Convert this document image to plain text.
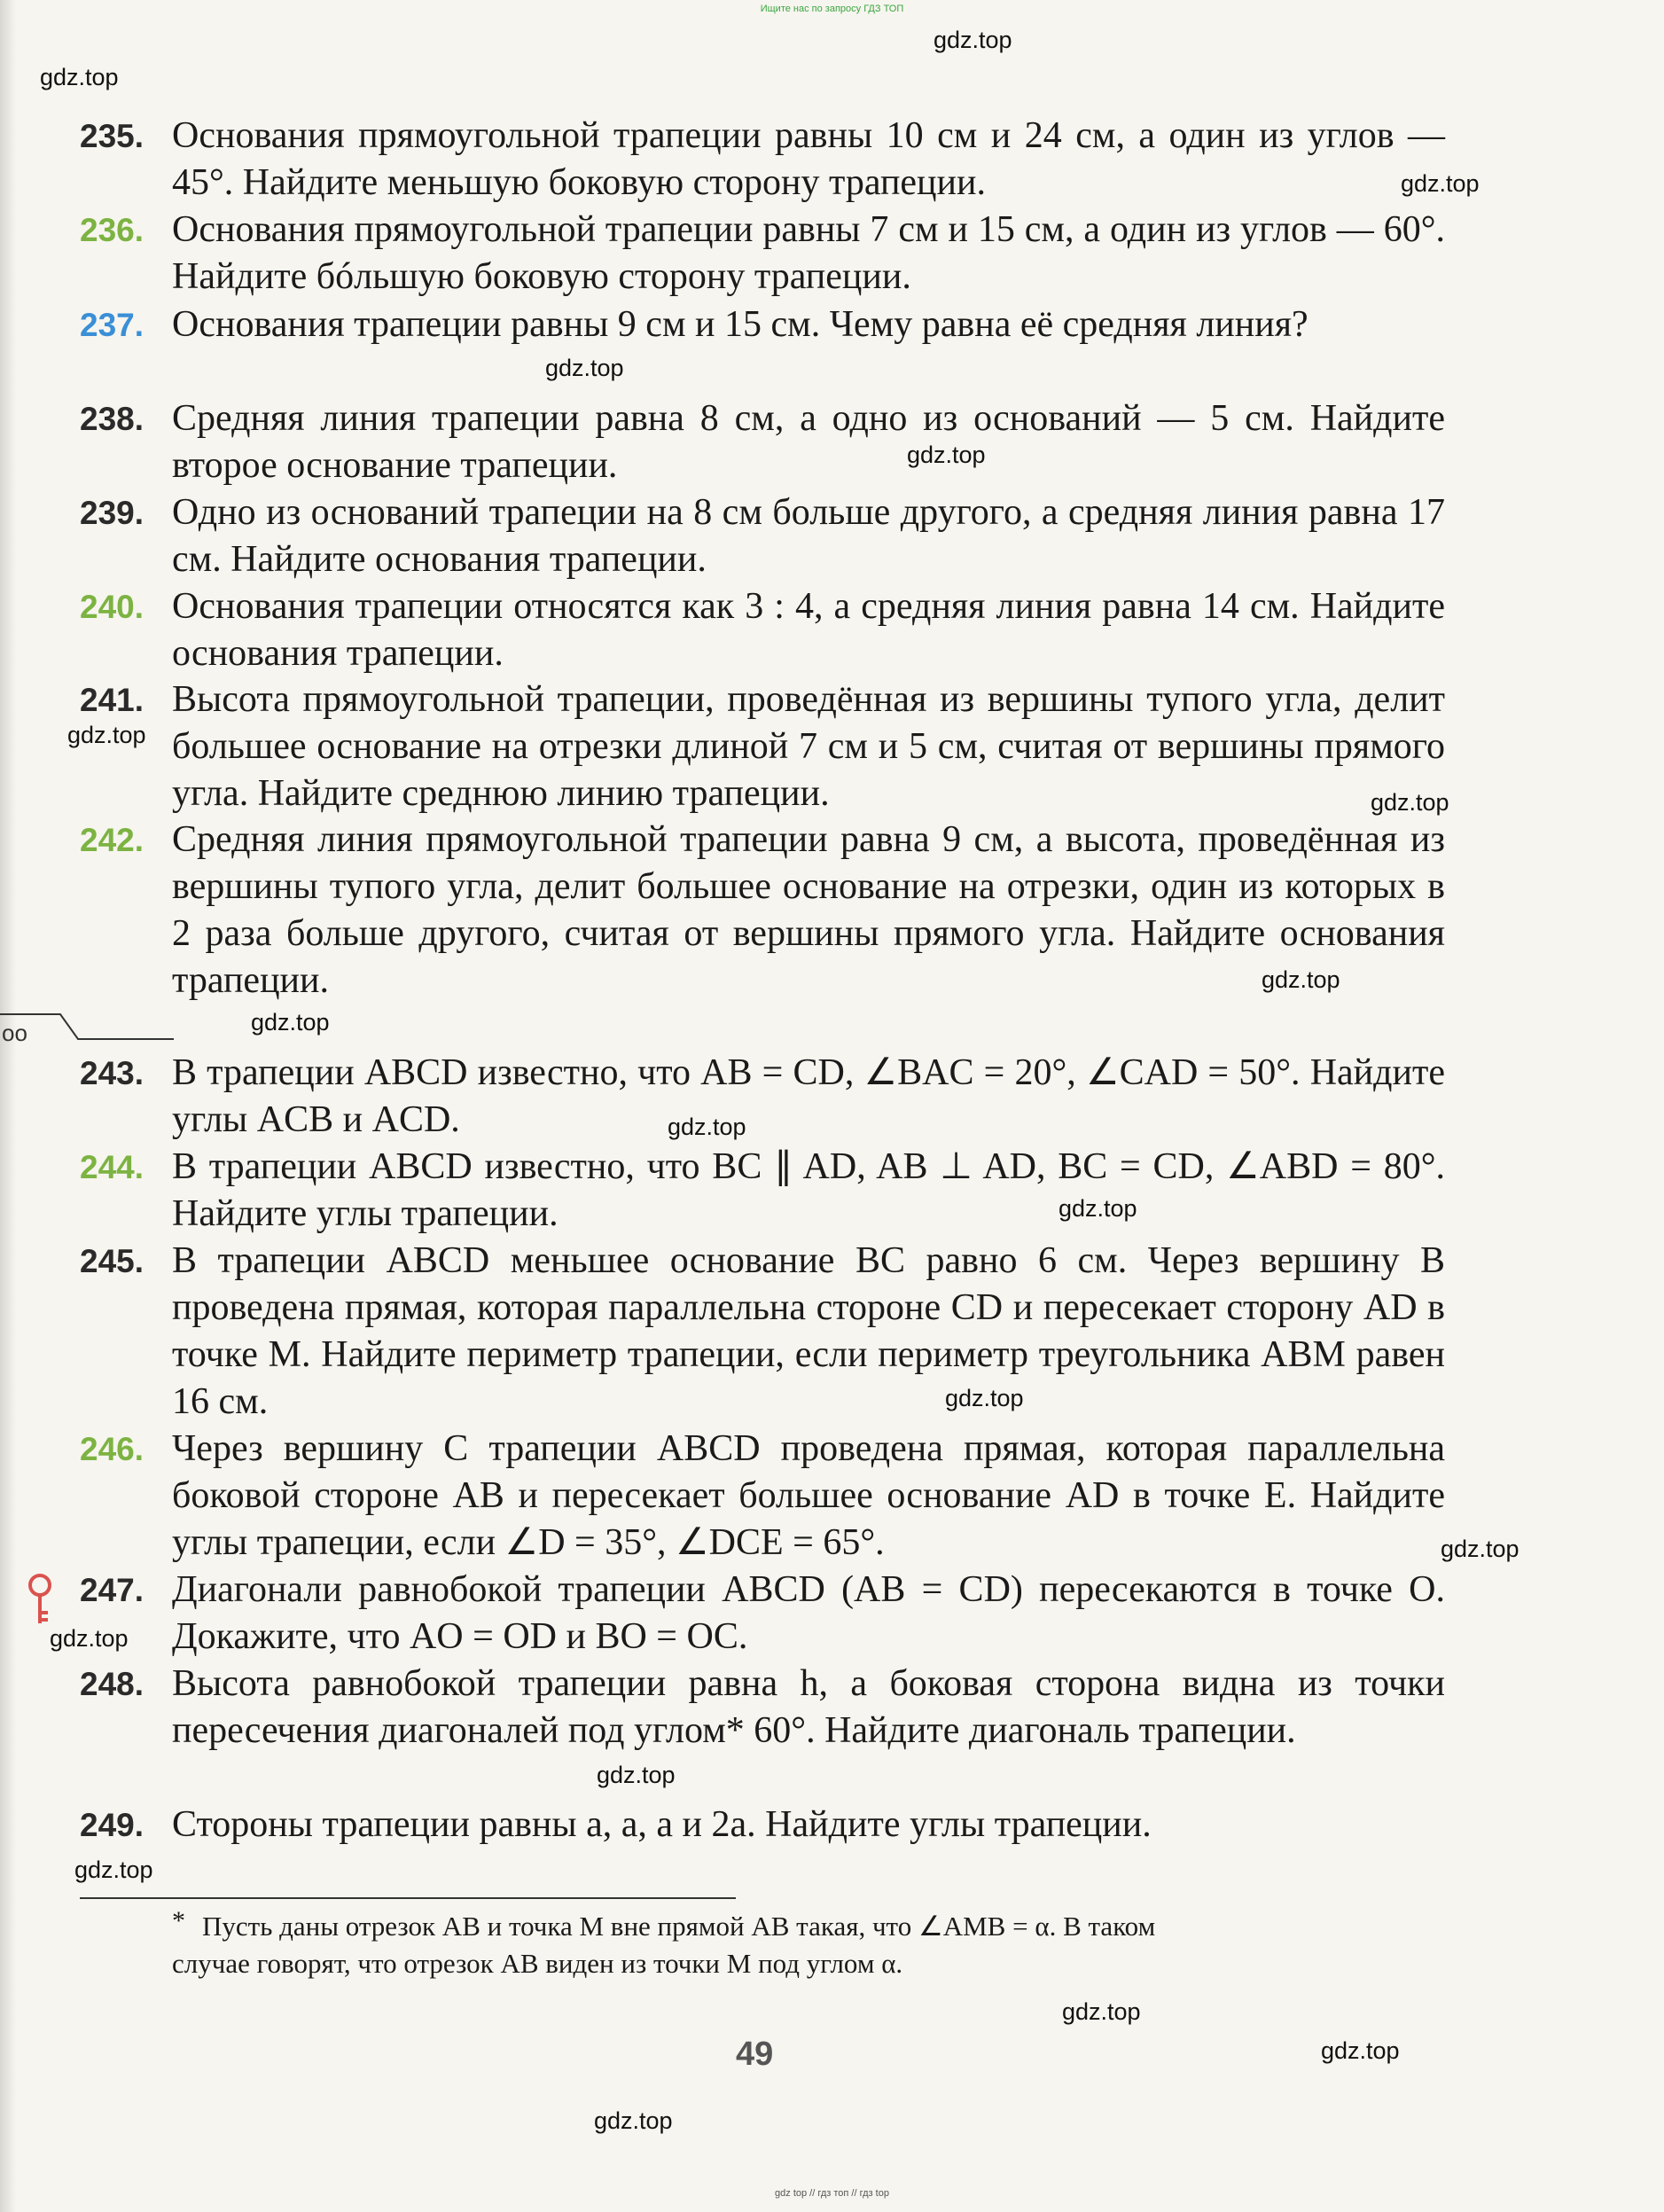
Ищите нас по запросу ГДЗ ТОП
gdz.top
gdz.top
gdz.top
gdz.top
gdz.top
gdz.top
gdz.top
gdz.top
gdz.top
gdz.top
gdz.top
gdz.top
gdz.top
gdz.top
gdz.top
gdz.top
gdz.top
gdz.top
gdz.top
oo
235. Основания прямоугольной трапеции равны 10 см и 24 см, а один из углов — 45°. Найдите меньшую боковую сторону трапеции.
236. Основания прямоугольной трапеции равны 7 см и 15 см, а один из углов — 60°. Найдите бóльшую боковую сторону трапеции.
237. Основания трапеции равны 9 см и 15 см. Чему равна её средняя линия?
238. Средняя линия трапеции равна 8 см, а одно из оснований — 5 см. Найдите второе основание трапеции.
239. Одно из оснований трапеции на 8 см больше другого, а средняя линия равна 17 см. Найдите основания трапеции.
240. Основания трапеции относятся как 3 : 4, а средняя линия равна 14 см. Найдите основания трапеции.
241. Высота прямоугольной трапеции, проведённая из вершины тупого угла, делит большее основание на отрезки длиной 7 см и 5 см, считая от вершины прямого угла. Найдите среднюю линию трапеции.
242. Средняя линия прямоугольной трапеции равна 9 см, а высота, проведённая из вершины тупого угла, делит большее основание на отрезки, один из которых в 2 раза больше другого, считая от вершины прямого угла. Найдите основания трапеции.
243. В трапеции ABCD известно, что AB = CD, ∠BAC = 20°, ∠CAD = 50°. Найдите углы ACB и ACD.
244. В трапеции ABCD известно, что BC ∥ AD, AB ⊥ AD, BC = CD, ∠ABD = 80°. Найдите углы трапеции.
245. В трапеции ABCD меньшее основание BC равно 6 см. Через вершину B проведена прямая, которая параллельна стороне CD и пересекает сторону AD в точке M. Найдите периметр трапеции, если периметр треугольника ABM равен 16 см.
246. Через вершину C трапеции ABCD проведена прямая, которая параллельна боковой стороне AB и пересекает большее основание AD в точке E. Найдите углы трапеции, если ∠D = 35°, ∠DCE = 65°.
247. Диагонали равнобокой трапеции ABCD (AB = CD) пересекаются в точке O. Докажите, что AO = OD и BO = OC.
248. Высота равнобокой трапеции равна h, а боковая сторона видна из точки пересечения диагоналей под углом* 60°. Найдите диагональ трапеции.
249. Стороны трапеции равны a, a, a и 2a. Найдите углы трапеции.
* Пусть даны отрезок AB и точка M вне прямой AB такая, что ∠AMB = α. В таком
случае говорят, что отрезок AB виден из точки M под углом α.
49
gdz top // гдз топ // гдз top
